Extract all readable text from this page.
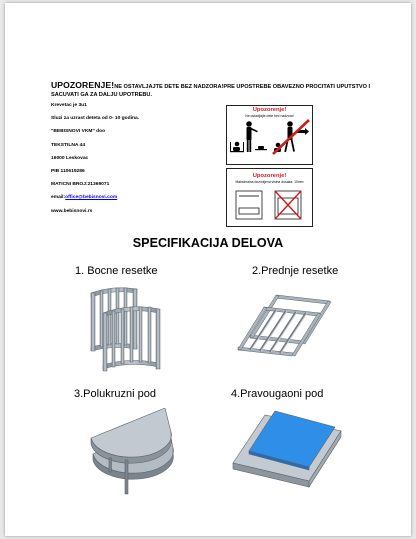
UPOZORENJE!NE OSTAVLJAJTE DETE BEZ NADZORA!PRE UPOSTREBE OBAVEZNO PROCITATI UPUTSTVO I SACUVATI GA ZA DALJU UPOTREBU.

Krevetac je 3u1
Sluzi za uzrast deteta od 0- 10 godina.
"BEBISNOVI VKM" doo
TEKSTILNA 44
16000 Leskovac
PIB 110619286
MATICNI BROJ:21369071
email:office@bebisnovi.com
www.bebisnovi.rs
Upozorenje!
Ne ostavljajte dete bez nadzora!
Upozorenje!
Maksimalna dozvoljena visina dusaka: 10mm
SPECIFIKACIJA DELOVA
1. Bocne resetke	2.Prednje resetke
3.Polukruzni pod	4.Pravougaoni pod
